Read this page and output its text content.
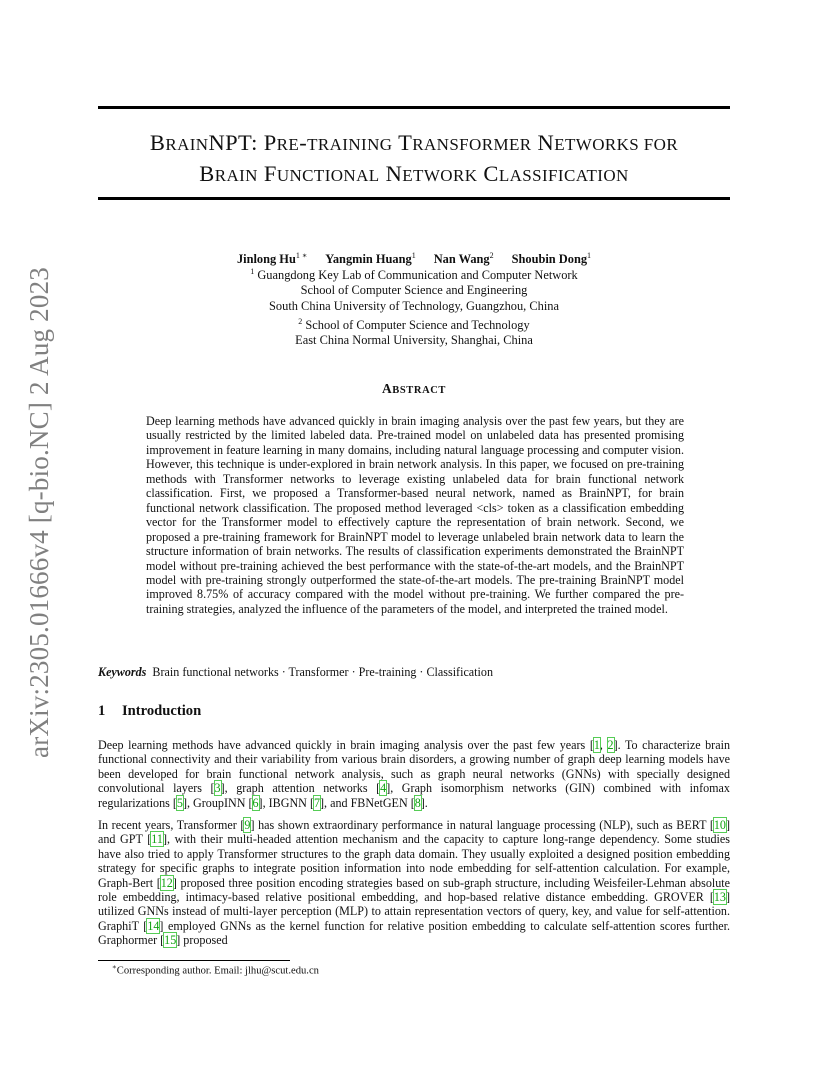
arXiv:2305.01666v4 [q-bio.NC] 2 Aug 2023
BRAINNPT: PRE-TRAINING TRANSFORMER NETWORKS FOR
BRAIN FUNCTIONAL NETWORK CLASSIFICATION
Jinlong $Hu^{1 ∗}$ Yangmin Huang$^1$ Nan Wang$^2$ Shoubin Dong$^1$
$^1$ Guangdong Key Lab of Communication and Computer Network
School of Computer Science and Engineering
South China University of Technology, Guangzhou, China
$^2$ School of Computer Science and Technology
East China Normal University, Shanghai, China
ABSTRACT

Deep learning methods have advanced quickly in brain imaging analysis over the past few years, but they are usually restricted by the limited labeled data. Pre-trained model on unlabeled data has presented promising improvement in feature learning in many domains, including natural language processing and computer vision. However, this technique is under-explored in brain network analysis. In this paper, we focused on pre-training methods with Transformer networks to leverage existing unlabeled data for brain functional network classification. First, we proposed a Transformer-based neural network, named as BrainNPT, for brain functional network classification. The proposed method leveraged <cls> token as a classification embedding vector for the Transformer model to effectively capture the representation of brain network. Second, we proposed a pre-training framework for BrainNPT model to leverage unlabeled brain network data to learn the structure information of brain networks. The results of classification experiments demonstrated the BrainNPT model without pre-training achieved the best performance with the state-of-the-art models, and the BrainNPT model with pre-training strongly outperformed the state-of-the-art models. The pre-training BrainNPT model improved 8.75% of accuracy compared with the model without pre-training. We further compared the pre-training strategies, analyzed the influence of the parameters of the model, and interpreted the trained model.

Keywords Brain functional networks · Transformer · Pre-training · Classification
1 Introduction

Deep learning methods have advanced quickly in brain imaging analysis over the past few years [1, 2]. To characterize brain functional connectivity and their variability from various brain disorders, a growing number of graph deep learning models have been developed for brain functional network analysis, such as graph neural networks (GNNs) with specially designed convolutional layers [3], graph attention networks [4], Graph isomorphism networks (GIN) combined with infomax regularizations [5], GroupINN [6], IBGNN [7], and FBNetGEN [8].

In recent years, Transformer [9] has shown extraordinary performance in natural language processing (NLP), such as BERT [10] and GPT [11], with their multi-headed attention mechanism and the capacity to capture long-range dependency. Some studies have also tried to apply Transformer structures to the graph data domain. They usually exploited a designed position embedding strategy for specific graphs to integrate position information into node embedding for self-attention calculation. For example, Graph-Bert [12] proposed three position encoding strategies based on sub-graph structure, including Weisfeiler-Lehman absolute role embedding, intimacy-based relative positional embedding, and hop-based relative distance embedding. GROVER [13] utilized GNNs instead of multi-layer perception (MLP) to attain representation vectors of query, key, and value for self-attention. GraphiT [14] employed GNNs as the kernel function for relative position embedding to calculate self-attention scores further. Graphormer [15] proposed

∗Corresponding author. Email: jlhu@scut.edu.cn
